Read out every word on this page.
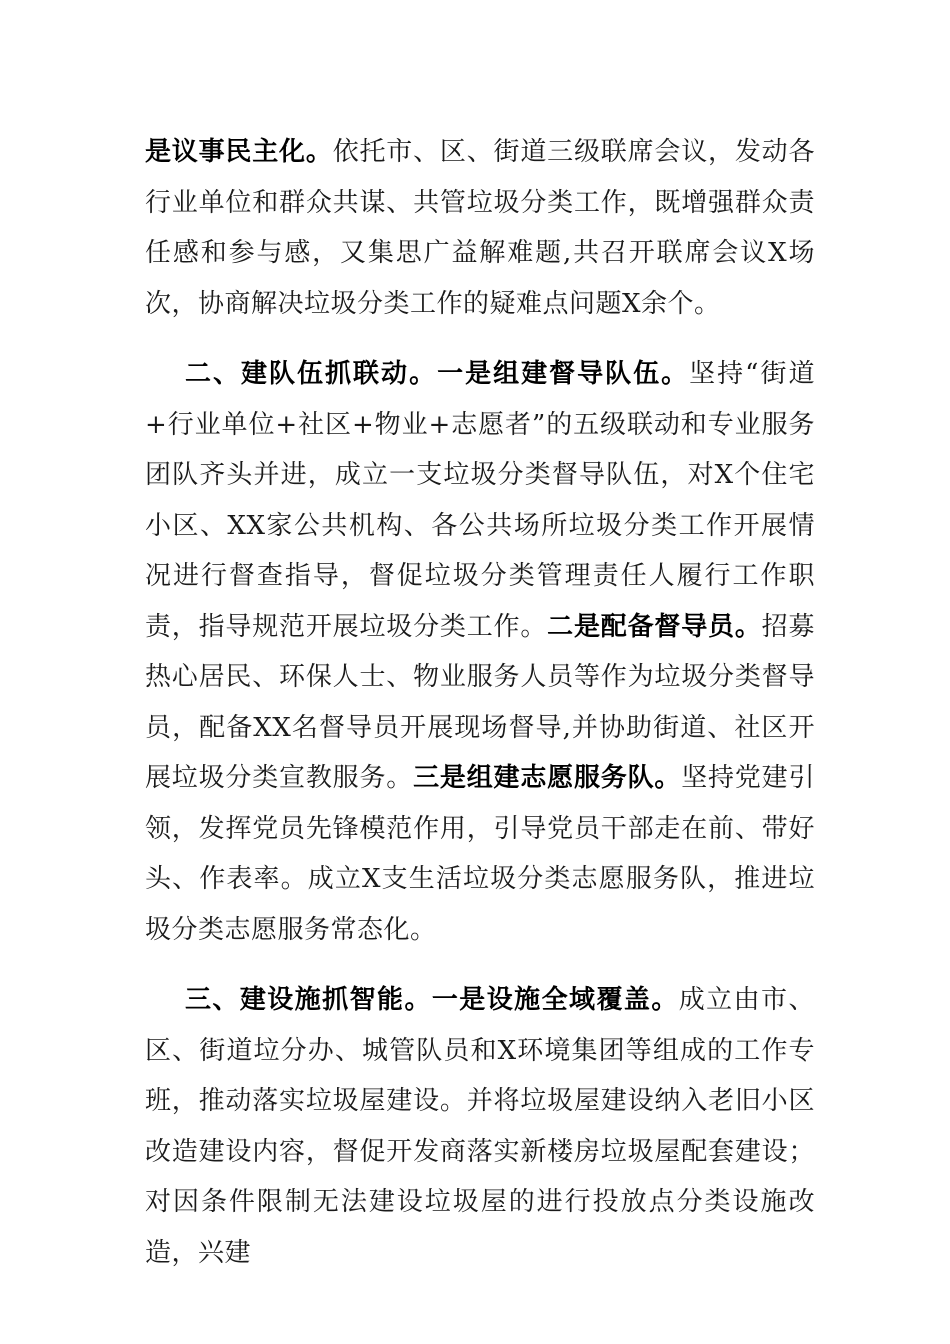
是议事民主化。依托市、区、街道三级联席会议，发动各行业单位和群众共谋、共管垃圾分类工作，既增强群众责任感和参与感，又集思广益解难题,共召开联席会议X场次，协商解决垃圾分类工作的疑难点问题X余个。

二、建队伍抓联动。一是组建督导队伍。坚持“街道+行业单位+社区+物业+志愿者”的五级联动和专业服务团队齐头并进，成立一支垃圾分类督导队伍，对X个住宅小区、XX家公共机构、各公共场所垃圾分类工作开展情况进行督查指导，督促垃圾分类管理责任人履行工作职责，指导规范开展垃圾分类工作。二是配备督导员。招募热心居民、环保人士、物业服务人员等作为垃圾分类督导员，配备XX名督导员开展现场督导,并协助街道、社区开展垃圾分类宣教服务。三是组建志愿服务队。坚持党建引领，发挥党员先锋模范作用，引导党员干部走在前、带好头、作表率。成立X支生活垃圾分类志愿服务队，推进垃圾分类志愿服务常态化。

三、建设施抓智能。一是设施全域覆盖。成立由市、区、街道垃分办、城管队员和X环境集团等组成的工作专班，推动落实垃圾屋建设。并将垃圾屋建设纳入老旧小区改造建设内容，督促开发商落实新楼房垃圾屋配套建设；对因条件限制无法建设垃圾屋的进行投放点分类设施改造，兴建
